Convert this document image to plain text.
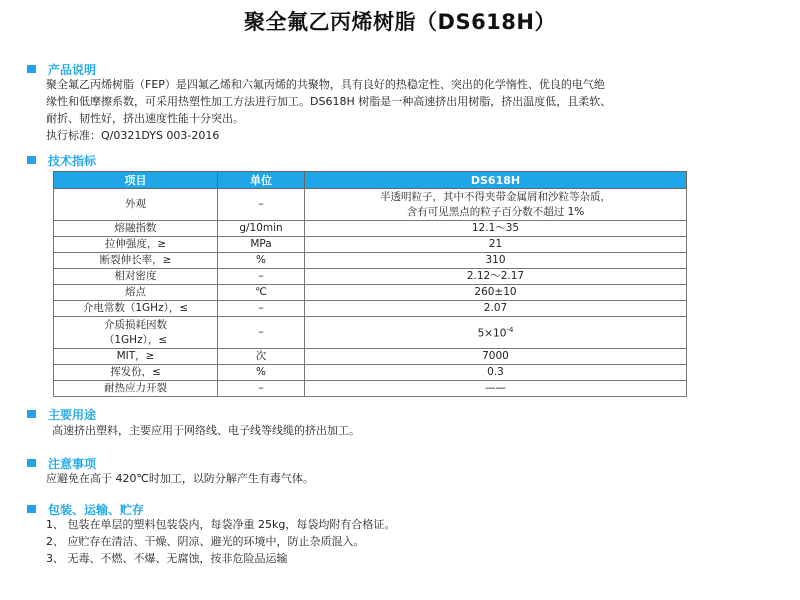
聚全氟乙丙烯树脂（DS618H）
产品说明
聚全氟乙丙烯树脂（FEP）是四氟乙烯和六氟丙烯的共聚物，具有良好的热稳定性、突出的化学惰性、优良的电气绝
缘性和低摩擦系数，可采用热塑性加工方法进行加工。DS618H 树脂是一种高速挤出用树脂，挤出温度低，且柔软、
耐折、韧性好，挤出速度性能十分突出。
执行标准：Q/0321DYS 003-2016
技术指标
项目	单位	DS618H
外观	–	半透明粒子，其中不得夹带金属屑和沙粒等杂质，
含有可见黑点的粒子百分数不超过 1%

熔融指数	g/10min	12.1～35
拉伸强度，≥	MPa	21
断裂伸长率，≥	%	310
相对密度	–	2.12～2.17
熔点	℃	260±10
介电常数（1GHz），≤	–	2.07

介质损耗因数
（1GHz），≤	–	$5\times 10^{-4}$
MIT，≥	次	7000
挥发份，≤	%	0.3
耐热应力开裂	–	——
主要用途
高速挤出塑料，主要应用于网络线、电子线等线缆的挤出加工。
注意事项
应避免在高于 420℃时加工，以防分解产生有毒气体。
包装、运输、贮存
1、 包装在单层的塑料包装袋内，每袋净重 25kg，每袋均附有合格证。
2、 应贮存在清洁、干燥、阴凉、避光的环境中，防止杂质混入。
3、 无毒、不燃、不爆、无腐蚀，按非危险品运输
